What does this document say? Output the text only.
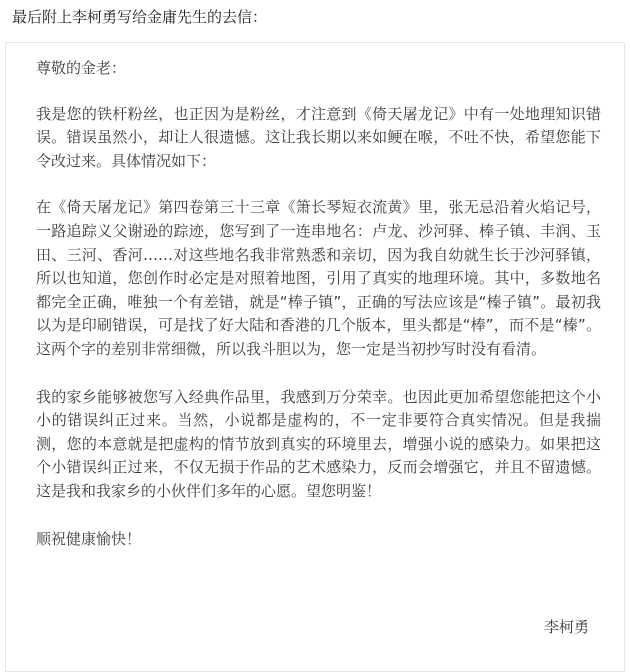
最后附上李柯勇写给金庸先生的去信：

尊敬的金老：

我是您的铁杆粉丝，也正因为是粉丝，才注意到《倚天屠龙记》中有一处地理知识错误。错误虽然小，却让人很遗憾。这让我长期以来如鲠在喉，不吐不快，希望您能下令改过来。具体情况如下：

在《倚天屠龙记》第四卷第三十三章《箫长琴短衣流黄》里，张无忌沿着火焰记号，一路追踪义父谢逊的踪迹，您写到了一连串地名：卢龙、沙河驿、棒子镇、丰润、玉田、三河、香河……对这些地名我非常熟悉和亲切，因为我自幼就生长于沙河驿镇，所以也知道，您创作时必定是对照着地图，引用了真实的地理环境。其中，多数地名都完全正确，唯独一个有差错，就是“棒子镇”，正确的写法应该是“榛子镇”。最初我以为是印刷错误，可是找了好大陆和香港的几个版本，里头都是“棒”，而不是“榛”。这两个字的差别非常细微，所以我斗胆以为，您一定是当初抄写时没有看清。

我的家乡能够被您写入经典作品里，我感到万分荣幸。也因此更加希望您能把这个小小的错误纠正过来。当然，小说都是虚构的，不一定非要符合真实情况。但是我揣测，您的本意就是把虚构的情节放到真实的环境里去，增强小说的感染力。如果把这个小错误纠正过来，不仅无损于作品的艺术感染力，反而会增强它，并且不留遗憾。这是我和我家乡的小伙伴们多年的心愿。望您明鉴！

顺祝健康愉快！

李柯勇
